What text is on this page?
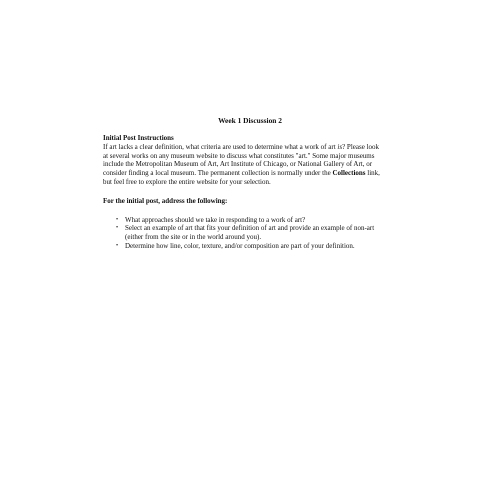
Week 1 Discussion 2

Initial Post Instructions

If art lacks a clear definition, what criteria are used to determine what a work of art is? Please look at several works on any museum website to discuss what constitutes "art." Some major museums include the Metropolitan Museum of Art, Art Institute of Chicago, or National Gallery of Art, or consider finding a local museum. The permanent collection is normally under the Collections link, but feel free to explore the entire website for your selection.

For the initial post, address the following:

• What approaches should we take in responding to a work of art?
• Select an example of art that fits your definition of art and provide an example of non-art (either from the site or in the world around you).
• Determine how line, color, texture, and/or composition are part of your definition.
